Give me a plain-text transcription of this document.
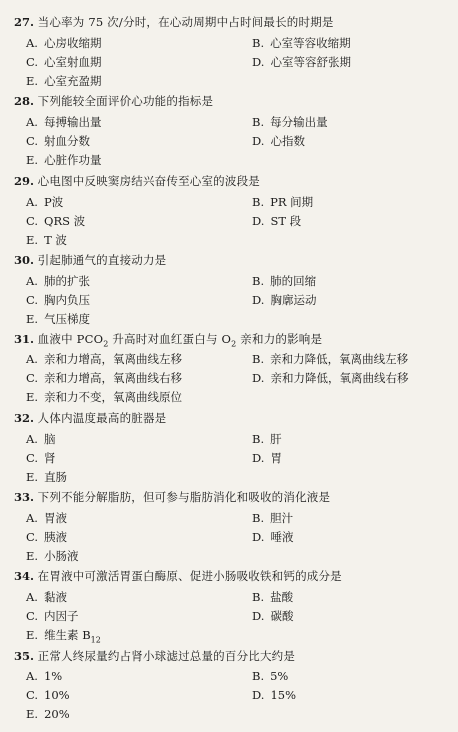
27. 当心率为 75 次/分时，在心动周期中占时间最长的时期是
A. 心房收缩期	B. 心室等容收缩期
C. 心室射血期	D. 心室等容舒张期
E. 心室充盈期
28. 下列能较全面评价心功能的指标是
A. 每搏输出量	B. 每分输出量
C. 射血分数	D. 心指数
E. 心脏作功量
29. 心电图中反映窦房结兴奋传至心室的波段是
A. P波	B. PR 间期
C. QRS 波	D. ST 段
E. T 波
30. 引起肺通气的直接动力是
A. 肺的扩张	B. 肺的回缩
C. 胸内负压	D. 胸廓运动
E. 气压梯度
31. 血液中 $PCO_2$ 升高时对血红蛋白与 $O_2$ 亲和力的影响是
A. 亲和力增高，氧离曲线左移	B. 亲和力降低，氧离曲线左移
C. 亲和力增高，氧离曲线右移	D. 亲和力降低，氧离曲线右移
E. 亲和力不变，氧离曲线原位
32. 人体内温度最高的脏器是
A. 脑	B. 肝
C. 肾	D. 胃
E. 直肠
33. 下列不能分解脂肪，但可参与脂肪消化和吸收的消化液是
A. 胃液	B. 胆汁
C. 胰液	D. 唾液
E. 小肠液
34. 在胃液中可激活胃蛋白酶原、促进小肠吸收铁和钙的成分是
A. 黏液	B. 盐酸
C. 内因子	D. 碳酸
E. 维生素 $B_{12}$
35. 正常人终尿量约占肾小球滤过总量的百分比大约是
A. 1%	B. 5%
C. 10%	D. 15%
E. 20%
